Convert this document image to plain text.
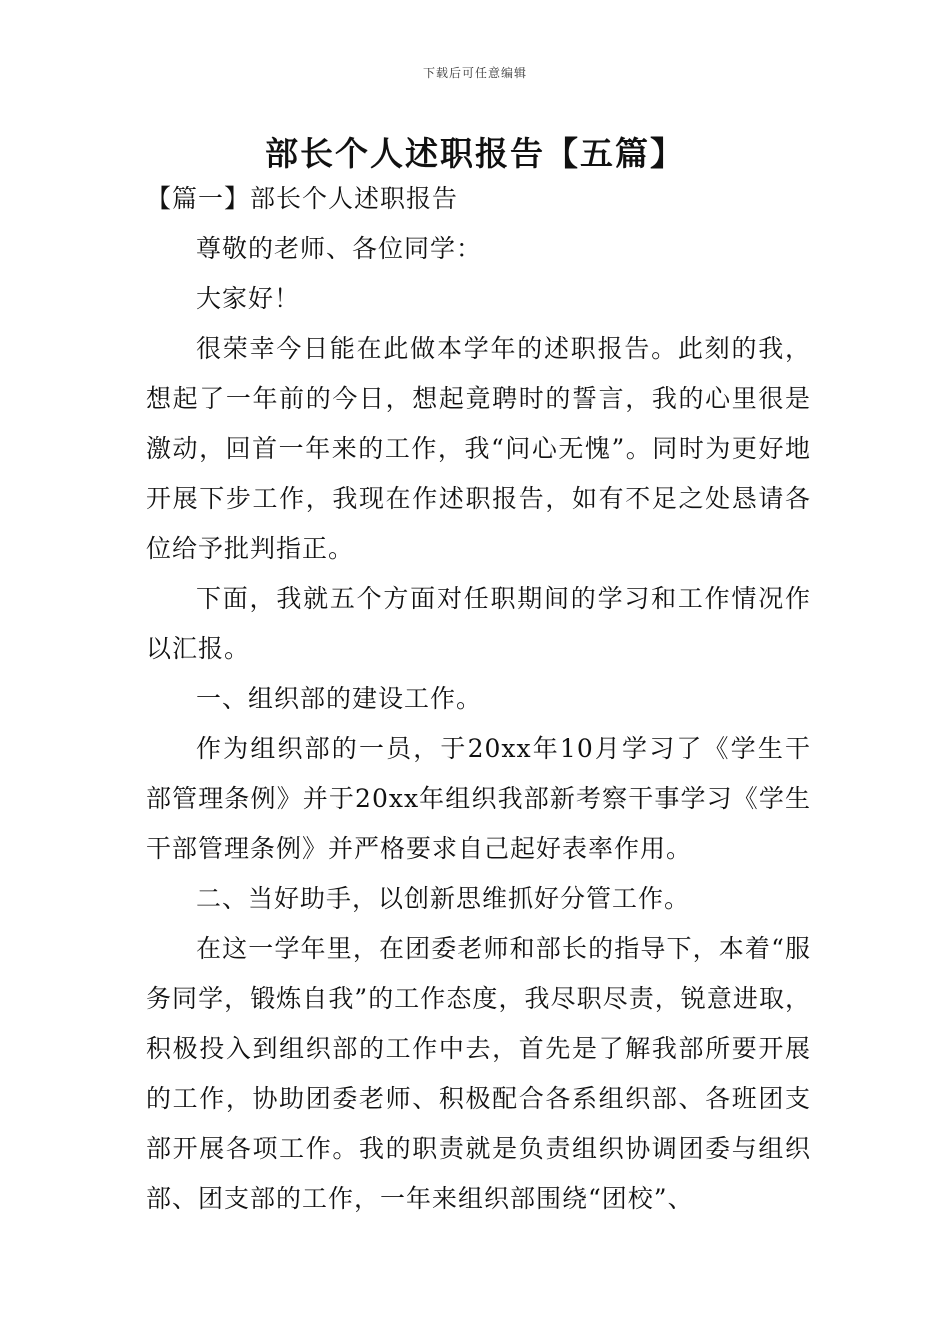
下载后可任意编辑
部长个人述职报告【五篇】

【篇一】部长个人述职报告

尊敬的老师、各位同学：

大家好！

很荣幸今日能在此做本学年的述职报告。此刻的我，想起了一年前的今日，想起竟聘时的誓言，我的心里很是激动，回首一年来的工作，我“问心无愧”。同时为更好地开展下步工作，我现在作述职报告，如有不足之处恳请各位给予批判指正。

下面，我就五个方面对任职期间的学习和工作情况作以汇报。

一、组织部的建设工作。

作为组织部的一员，于20xx年10月学习了《学生干部管理条例》并于20xx年组织我部新考察干事学习《学生干部管理条例》并严格要求自己起好表率作用。

二、当好助手，以创新思维抓好分管工作。

在这一学年里，在团委老师和部长的指导下，本着“服务同学，锻炼自我”的工作态度，我尽职尽责，锐意进取，积极投入到组织部的工作中去，首先是了解我部所要开展的工作，协助团委老师、积极配合各系组织部、各班团支部开展各项工作。我的职责就是负责组织协调团委与组织部、团支部的工作，一年来组织部围绕“团校”、
